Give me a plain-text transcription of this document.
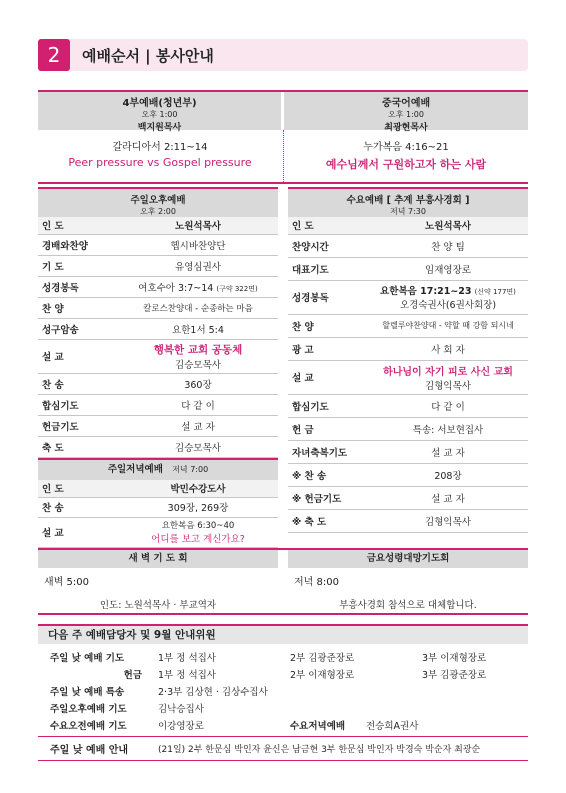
2	예배순서 | 봉사안내
4부예배(청년부)
오후 1:00
백지원목사
중국어예배
오후 1:00
최광현목사
갈라디아서 2:11~14
Peer pressure vs Gospel pressure
누가복음 4:16~21
예수님께서 구원하고자 하는 사람
주일오후예배
오후 2:00
인 도	노원석목사
경배와찬양	헵시바찬양단
기 도	유영심권사
성경봉독	여호수아 3:7~14 (구약 322면)
찬 양	칼로스찬양대 - 순종하는 마음
성구암송	요한1서 5:4
설 교	행복한 교회 공동체
김승모목사

찬 송	360장
합심기도	다 같 이
헌금기도	설 교 자
축 도	김승모목사
주일저녁예배 저녁 7:00
인 도	박민수강도사
찬 송	309장, 269장
설 교	요한복음 6:30~40
어디를 보고 계신가요?
수요예배 [ 추계 부흥사경회 ]
저녁 7:30
인 도	노원석목사
찬양시간	찬 양 팀
대표기도	임재영장로
성경봉독	요한복음 17:21~23 (신약 177면)
오경숙권사(6권사회장)

찬 양	할렐루야찬양대 - 약할 때 강함 되시네
광 고	사 회 자
설 교	하나님이 자기 피로 사신 교회
김형익목사

합심기도	다 같 이
헌 금	특송: 서보현집사
자녀축복기도	설 교 자
※ 찬 송	208장
※ 헌금기도	설 교 자
※ 축 도	김형익목사
새 벽 기 도 회	금요성령대망기도회
새벽 5:00
인도: 노원석목사 · 부교역자
저녁 8:00
부흥사경회 참석으로 대체합니다.
다음 주 예배담당자 및 9월 안내위원
주일 낮 예배 기도	1부 정 석집사	2부 김광준장로	3부 이재형장로
헌금	1부 정 석집사	2부 이재형장로	3부 김광준장로
주일 낮 예배 특송	2·3부 김상현 · 김상수집사
주일오후예배 기도	김낙승집사
수요오전예배 기도	이강영장로	수요저녁예배 전승희A권사
주일 낮 예배 안내	(21일) 2부 한문심 박인자 윤신은 남금현 3부 한문심 박인자 박경숙 박순자 최광순
